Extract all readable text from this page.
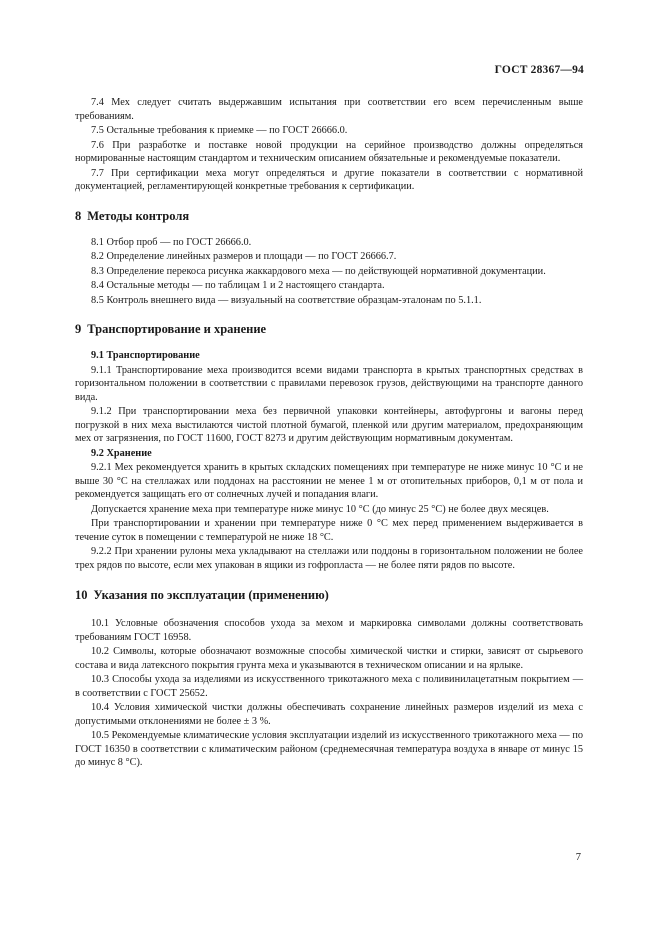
ГОСТ 28367—94

7.4 Мех следует считать выдержавшим испытания при соответствии его всем перечисленным выше требованиям.

7.5 Остальные требования к приемке — по ГОСТ 26666.0.

7.6 При разработке и поставке новой продукции на серийное производство должны определяться нормированные настоящим стандартом и техническим описанием обязательные и рекомендуемые показатели.

7.7 При сертификации меха могут определяться и другие показатели в соответствии с нормативной документацией, регламентирующей конкретные требования к сертификации.

8 Методы контроля

8.1 Отбор проб — по ГОСТ 26666.0.

8.2 Определение линейных размеров и площади — по ГОСТ 26666.7.

8.3 Определение перекоса рисунка жаккардового меха — по действующей нормативной документации.

8.4 Остальные методы — по таблицам 1 и 2 настоящего стандарта.

8.5 Контроль внешнего вида — визуальный на соответствие образцам-эталонам по 5.1.1.

9 Транспортирование и хранение

9.1 Транспортирование

9.1.1 Транспортирование меха производится всеми видами транспорта в крытых транспортных средствах в горизонтальном положении в соответствии с правилами перевозок грузов, действующими на транспорте данного вида.

9.1.2 При транспортировании меха без первичной упаковки контейнеры, автофургоны и вагоны перед погрузкой в них меха выстилаются чистой плотной бумагой, пленкой или другим материалом, предохраняющим мех от загрязнения, по ГОСТ 11600, ГОСТ 8273 и другим действующим нормативным документам.

9.2 Хранение

9.2.1 Мех рекомендуется хранить в крытых складских помещениях при температуре не ниже минус 10 °С и не выше 30 °С на стеллажах или поддонах на расстоянии не менее 1 м от отопительных приборов, 0,1 м от пола и рекомендуется защищать его от солнечных лучей и попадания влаги.

Допускается хранение меха при температуре ниже минус 10 °С (до минус 25 °С) не более двух месяцев.

При транспортировании и хранении при температуре ниже 0 °С мех перед применением выдерживается в течение суток в помещении с температурой не ниже 18 °С.

9.2.2 При хранении рулоны меха укладывают на стеллажи или поддоны в горизонтальном положении не более трех рядов по высоте, если мех упакован в ящики из гофропласта — не более пяти рядов по высоте.

10 Указания по эксплуатации (применению)

10.1 Условные обозначения способов ухода за мехом и маркировка символами должны соответствовать требованиям ГОСТ 16958.

10.2 Символы, которые обозначают возможные способы химической чистки и стирки, зависят от сырьевого состава и вида латексного покрытия грунта меха и указываются в техническом описании и на ярлыке.

10.3 Способы ухода за изделиями из искусственного трикотажного меха с поливинилацетатным покрытием — в соответствии с ГОСТ 25652.

10.4 Условия химической чистки должны обеспечивать сохранение линейных размеров изделий из меха с допустимыми отклонениями не более ± 3 %.

10.5 Рекомендуемые климатические условия эксплуатации изделий из искусственного трикотажного меха — по ГОСТ 16350 в соответствии с климатическим районом (среднемесячная температура воздуха в январе от минус 15 до минус 8 °С).

7
